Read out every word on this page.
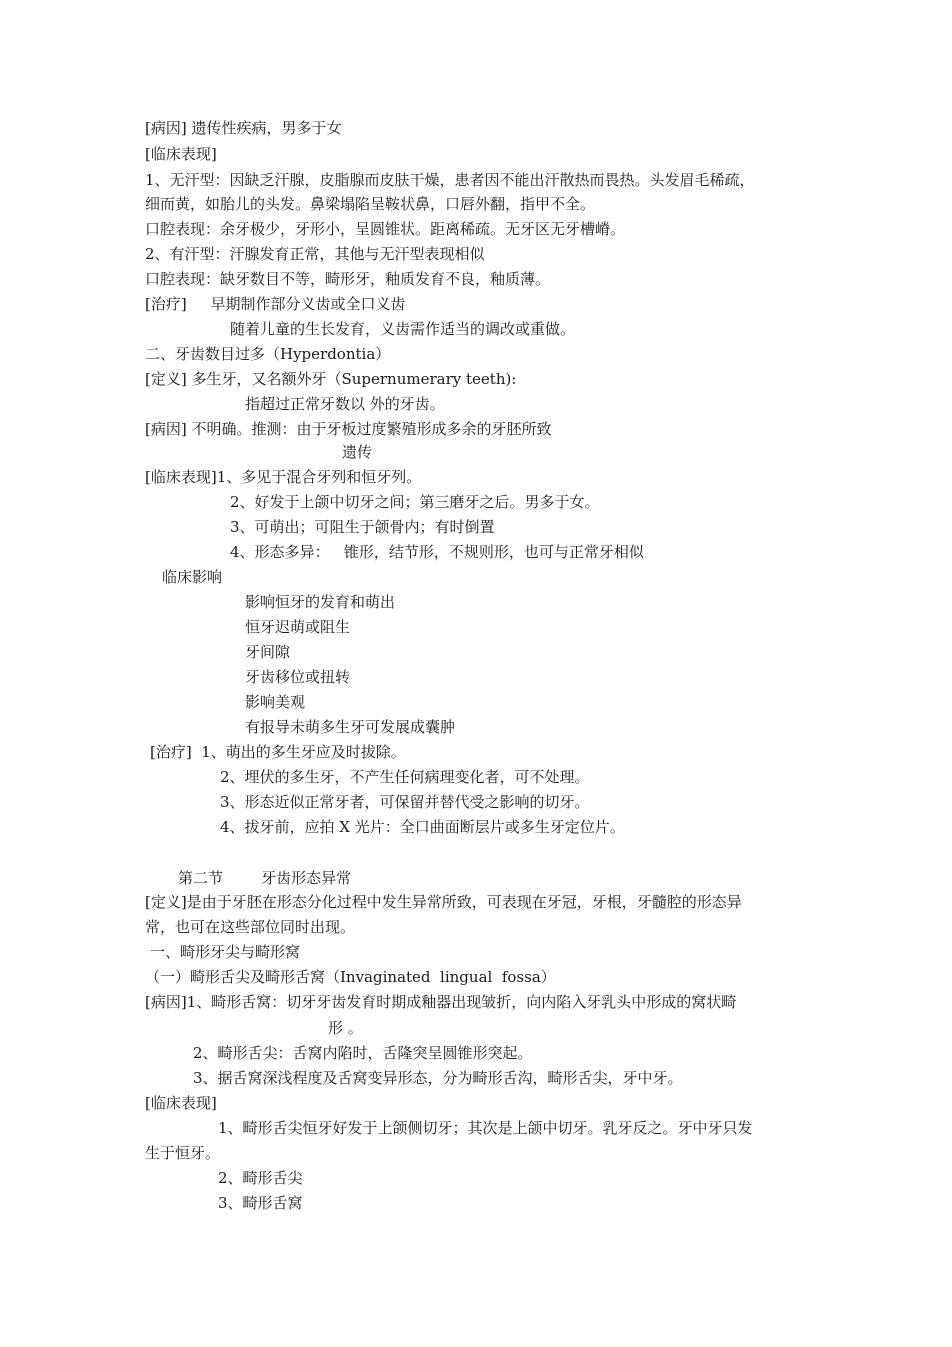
[病因] 遗传性疾病，男多于女
[临床表现]
1、无汗型：因缺乏汗腺，皮脂腺而皮肤干燥，患者因不能出汗散热而畏热。头发眉毛稀疏，
细而黄，如胎儿的头发。鼻梁塌陷呈鞍状鼻，口唇外翻，指甲不全。
口腔表现：余牙极少，牙形小，呈圆锥状。距离稀疏。无牙区无牙槽嵴。
2、有汗型：汗腺发育正常，其他与无汗型表现相似
口腔表现：缺牙数目不等，畸形牙，釉质发育不良，釉质薄。
[治疗]     早期制作部分义齿或全口义齿
随着儿童的生长发育，义齿需作适当的调改或重做。
二、牙齿数目过多（Hyperdontia）
[定义] 多生牙，又名额外牙（Supernumerary teeth):
指超过正常牙数以 外的牙齿。
[病因] 不明确。推测：由于牙板过度繁殖形成多余的牙胚所致
遗传
[临床表现]1、多见于混合牙列和恒牙列。
2、好发于上颌中切牙之间；第三磨牙之后。男多于女。
3、可萌出；可阻生于颌骨内；有时倒置
4、形态多异：   锥形，结节形，不规则形，也可与正常牙相似
临床影响
影响恒牙的发育和萌出
恒牙迟萌或阻生
牙间隙
牙齿移位或扭转
影响美观
有报导未萌多生牙可发展成囊肿
[治疗]  1、萌出的多生牙应及时拔除。
2、埋伏的多生牙，不产生任何病理变化者，可不处理。
3、形态近似正常牙者，可保留并替代受之影响的切牙。
4、拔牙前，应拍 X 光片：全口曲面断层片或多生牙定位片。
第二节        牙齿形态异常
[定义]是由于牙胚在形态分化过程中发生异常所致，可表现在牙冠，牙根，牙髓腔的形态异
常，也可在这些部位同时出现。
一、畸形牙尖与畸形窝
（一）畸形舌尖及畸形舌窝（Invaginated  lingual  fossa）
[病因]1、畸形舌窝：切牙牙齿发育时期成釉器出现皱折，向内陷入牙乳头中形成的窝状畸
形 。
2、畸形舌尖：舌窝内陷时，舌隆突呈圆锥形突起。
3、据舌窝深浅程度及舌窝变异形态，分为畸形舌沟，畸形舌尖，牙中牙。
[临床表现]
1、畸形舌尖恒牙好发于上颌侧切牙；其次是上颌中切牙。乳牙反之。牙中牙只发
生于恒牙。
2、畸形舌尖
3、畸形舌窝
